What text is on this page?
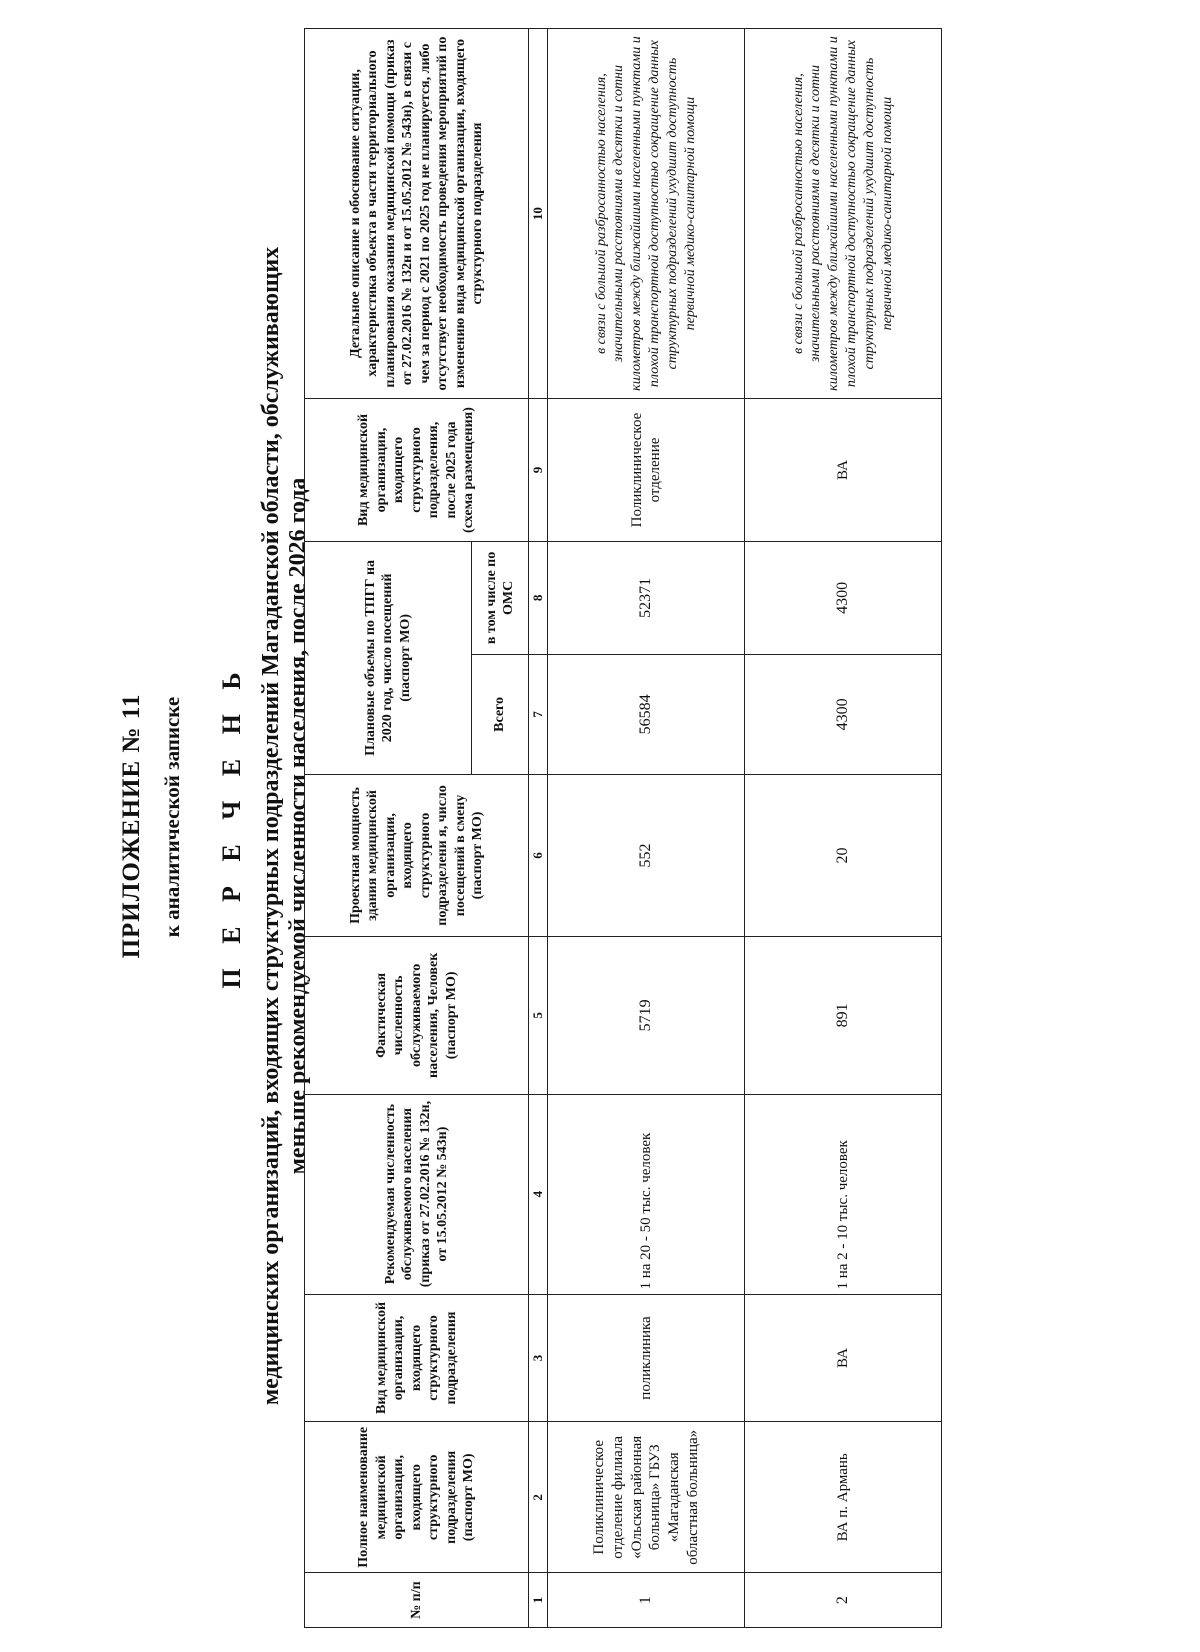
ПРИЛОЖЕНИЕ № 11 к аналитической записке П Е Р Е Ч Е Н Ь медицинских организаций, входящих структурных подразделений Магаданской области, обслуживающих меньше рекомендуемой численности населения, после 2026 года
№ п/п	Полное наименование медицинской организации, входящего структурного подразделения (паспорт МО)	Вид медицинской организации, входящего структурного подразделения	Рекомендуемая численность обслуживаемого населения (приказ от 27.02.2016 № 132н, от 15.05.2012 № 543н)	Фактическая численность обслуживаемого населения, Человек (паспорт МО)	Проектная мощность здания медицинской организации, входящего структурного подразделени я, число посещений в смену (паспорт МО)	Плановые объемы по ТПГГ на 2020 год, число посещений (паспорт МО)		Вид медицинской организации, входящего структурного подразделения, после 2025 года (схема размещения)	Детальное описание и обоснование ситуации, характеристика объекта в части территориального планирования оказания медицинской помощи (приказ от 27.02.2016 № 132н и от 15.05.2012 № 543н), в связи с чем за период с 2021 по 2025 год не планируется, либо отсутствует необходимость проведения мероприятий по изменению вида медицинской организации, входящего структурного подразделения
						Всего	в том числе по ОМС		
1	2	3	4	5	6	7	8	9	10
1	Поликлиническое отделение филиала «Ольская районная больница» ГБУЗ «Магаданская областная больница»	поликлиника	1 на 20 - 50 тыс. человек	5719	552	56584	52371	Поликлиническое отделение	в связи с большой разбросанностью населения, значительными расстояниями в десятки и сотни километров между ближайшими населенными пунктами и плохой транспортной доступностью сокращение данных структурных подразделений ухудшит доступность первичной медико-санитарной помощи
2	ВА п. Армань	ВА	1 на 2 - 10 тыс. человек	891	20	4300	4300	ВА	в связи с большой разбросанностью населения, значительными расстояниями в десятки и сотни километров между ближайшими населенными пунктами и плохой транспортной доступностью сокращение данных структурных подразделений ухудшит доступность первичной медико-санитарной помощи
